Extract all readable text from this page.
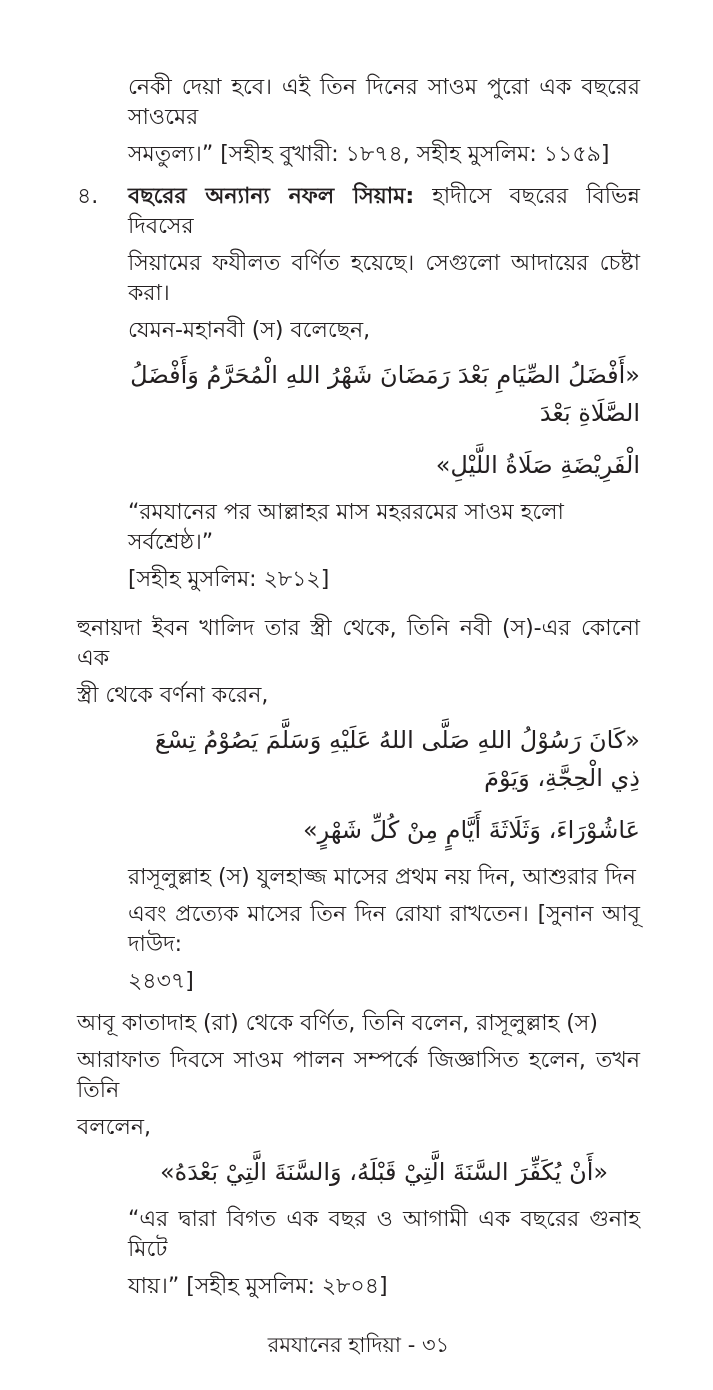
নেকী দেয়া হবে। এই তিন দিনের সাওম পুরো এক বছরের সাওমের
সমতুল্য।” [সহীহ বুখারী: ১৮৭৪, সহীহ মুসলিম: ১১৫৯]
৪.	বছরের অন্যান্য নফল সিয়াম: হাদীসে বছরের বিভিন্ন দিবসের
সিয়ামের ফযীলত বর্ণিত হয়েছে। সেগুলো আদায়ের চেষ্টা করা।
যেমন-মহানবী (স) বলেছেন,
«أَفْضَلُ الصِّيَامِ بَعْدَ رَمَضَانَ شَهْرُ اللهِ الْمُحَرَّمُ وَأَفْضَلُ الصَّلَاةِ بَعْدَ
الْفَرِيْضَةِ صَلَاةُ اللَّيْلِ»
“রমযানের পর আল্লাহর মাস মহররমের সাওম হলো সর্বশ্রেষ্ঠ।”
[সহীহ মুসলিম: ২৮১২]
হুনায়দা ইবন খালিদ তার স্ত্রী থেকে, তিনি নবী (স)-এর কোনো এক
স্ত্রী থেকে বর্ণনা করেন,
«كَانَ رَسُوْلُ اللهِ صَلَّى اللهُ عَلَيْهِ وَسَلَّمَ يَصُوْمُ تِسْعَ ذِي الْحِجَّةِ، وَيَوْمَ
عَاشُوْرَاءَ، وَثَلَاثَةَ أَيَّامٍ مِنْ كُلِّ شَهْرٍ»
রাসূলুল্লাহ (স) যুলহাজ্জ মাসের প্রথম নয় দিন, আশুরার দিন
এবং প্রত্যেক মাসের তিন দিন রোযা রাখতেন। [সুনান আবূ দাউদ:
২৪৩৭]
আবূ কাতাদাহ (রা) থেকে বর্ণিত, তিনি বলেন, রাসূলুল্লাহ (স)
আরাফাত দিবসে সাওম পালন সম্পর্কে জিজ্ঞাসিত হলেন, তখন তিনি
বললেন,
«أَنْ يُكَفِّرَ السَّنَةَ الَّتِيْ قَبْلَهُ، وَالسَّنَةَ الَّتِيْ بَعْدَهُ»
“এর দ্বারা বিগত এক বছর ও আগামী এক বছরের গুনাহ মিটে
যায়।” [সহীহ মুসলিম: ২৮০৪]
রমযানের হাদিয়া - ৩১
